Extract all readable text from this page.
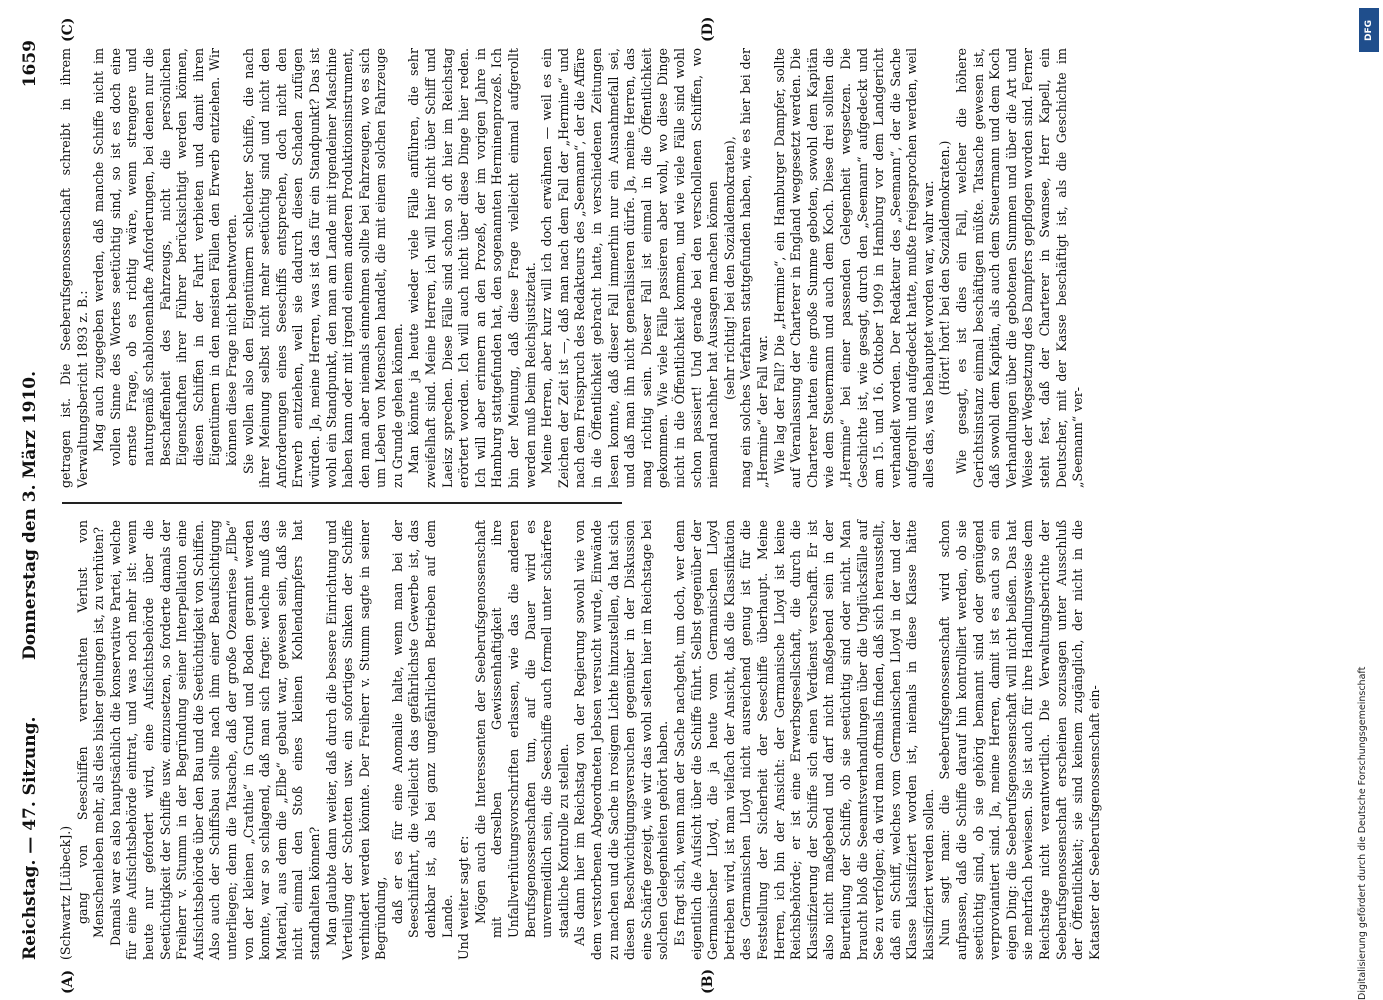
Reichstag. — 47. Sitzung.
Donnerstag den 3. März 1910.
1659
(A)	(B)
(C)	(D)

(Schwartz [Lübeck].) gang von Seeschiffen verursachten Verlust von Menschenleben mehr, als dies bisher gelungen ist, zu verhüten? Damals war es also hauptsächlich die konservative Partei, welche für eine Aufsichtsbehörde eintrat, und was noch mehr ist: wenn heute nur gefordert wird, eine Aufsichtsbehörde über die Seetüchtigkeit der Schiffe usw. einzusetzen, so forderte damals der Freiherr v. Stumm in der Begründung seiner Interpellation eine Aufsichtsbehörde über den Bau und die Seetüchtigkeit von Schiffen. Also auch der Schiffsbau sollte nach ihm einer Beaufsichtigung unterliegen; denn die Tatsache, daß der große Ozeanriese „Elbe“ von der kleinen „Crathie“ in Grund und Boden gerannt werden konnte, war so schlagend, daß man sich fragte: welche muß das Material, aus dem die „Elbe“ gebaut war, gewesen sein, daß sie nicht einmal den Stoß eines kleinen Kohlendampfers hat standhalten können? Man glaubte dann weiter, daß durch die bessere Einrichtung und Verteilung der Schotten usw. ein sofortiges Sinken der Schiffe verhindert werden könnte. Der Freiherr v. Stumm sagte in seiner Begründung, daß er es für eine Anomalie halte, wenn man bei der Seeschiffahrt, die vielleicht das gefährlichste Gewerbe ist, das denkbar ist, als bei ganz ungefährlichen Betrieben auf dem Lande. Und weiter sagt er: Mögen auch die Interessenten der Seeberufsgenossenschaft mit derselben Gewissenhaftigkeit ihre Unfallverhütungsvorschriften erlassen, wie das die anderen Berufsgenossenschaften tun, auf die Dauer wird es unvermeidlich sein, die Seeschiffe auch formell unter schärfere staatliche Kontrolle zu stellen. Als dann hier im Reichstag von der Regierung sowohl wie von dem verstorbenen Abgeordneten Jebsen versucht wurde, Einwände zu machen und die Sache in rosigem Lichte hinzustellen, da hat sich diesen Beschwichtigungsversuchen gegenüber in der Diskussion eine Schärfe gezeigt, wie wir das wohl selten hier im Reichstage bei solchen Gelegenheiten gehört haben. Es fragt sich, wenn man der Sache nachgeht, um doch, wer denn eigentlich die Aufsicht über die Schiffe führt. Selbst gegenüber der Germanischer Lloyd, die ja heute vom Germanischen Lloyd betrieben wird, ist man vielfach der Ansicht, daß die Klassifikation des Germanischen Lloyd nicht ausreichend genug ist für die Feststellung der Sicherheit der Seeschiffe überhaupt. Meine Herren, ich bin der Ansicht: der Germanische Lloyd ist keine Reichsbehörde; er ist eine Erwerbsgesellschaft, die durch die Klassifizierung der Schiffe sich einen Verdienst verschafft. Er ist also nicht maßgebend und darf nicht maßgebend sein in der Beurteilung der Schiffe, ob sie seetüchtig sind oder nicht. Man braucht bloß die Seeamtsverhandlungen über die Unglücksfälle auf See zu verfolgen; da wird man oftmals finden, daß sich herausstellt, daß ein Schiff, welches vom Germanischen Lloyd in der und der Klasse klassifiziert worden ist, niemals in diese Klasse hätte klassifiziert werden sollen. Nun sagt man: die Seeberufsgenossenschaft wird schon aufpassen, daß die Schiffe darauf hin kontrolliert werden, ob sie seetüchtig sind, ob sie gehörig bemannt sind oder genügend verproviantiert sind. Ja, meine Herren, damit ist es auch so ein eigen Ding: die Seeberufsgenossenschaft will nicht beißen. Das hat sie mehrfach bewiesen. Sie ist auch für ihre Handlungsweise dem Reichstage nicht verantwortlich. Die Verwaltungsberichte der Seeberufsgenossenschaft erscheinen sozusagen unter Ausschluß der Öffentlichkeit; sie sind keinem zugänglich, der nicht in die Kataster der Seeberufsgenossenschaft ein-

getragen ist. Die Seeberufsgenossenschaft schreibt in ihrem Verwaltungsbericht 1893 z. B.: Mag auch zugegeben werden, daß manche Schiffe nicht im vollen Sinne des Wortes seetüchtig sind, so ist es doch eine ernste Frage, ob es richtig wäre, wenn strengere und naturgemäß schablonenhafte Anforderungen, bei denen nur die Beschaffenheit des Fahrzeugs, nicht die persönlichen Eigenschaften ihrer Führer berücksichtigt werden können, diesen Schiffen in der Fahrt verbieten und damit ihren Eigentümern in den meisten Fällen den Erwerb entziehen. Wir können diese Frage nicht beantworten. Sie wollen also den Eigentümern schlechter Schiffe, die nach ihrer Meinung selbst nicht mehr seetüchtig sind und nicht den Anforderungen eines Seeschiffs entsprechen, doch nicht den Erwerb entziehen, weil sie dadurch diesen Schaden zufügen würden. Ja, meine Herren, was ist das für ein Standpunkt? Das ist wohl ein Standpunkt, den man am Lande mit irgendeiner Maschine haben kann oder mit irgend einem anderen Produktionsinstrument, den man aber niemals einnehmen sollte bei Fahrzeugen, wo es sich um Leben von Menschen handelt, die mit einem solchen Fahrzeuge zu Grunde gehen können. Man könnte ja heute wieder viele Fälle anführen, die sehr zweifelhaft sind. Meine Herren, ich will hier nicht über Schiff und Laeisz sprechen. Diese Fälle sind schon so oft hier im Reichstag erörtert worden. Ich will auch nicht über diese Dinge hier reden. Ich will aber erinnern an den Prozeß, der im vorigen Jahre in Hamburg stattgefunden hat, den sogenannten Herminenprozeß. Ich bin der Meinung, daß diese Frage vielleicht einmal aufgerollt werden muß beim Reichsjustizetat. Meine Herren, aber kurz will ich doch erwähnen — weil es ein Zeichen der Zeit ist —, daß man nach dem Fall der „Hermine“ und nach dem Freispruch des Redakteurs des „Seemann“, der die Affäre in die Öffentlichkeit gebracht hatte, in verschiedenen Zeitungen lesen konnte, daß dieser Fall immerhin nur ein Ausnahmefall sei, und daß man ihn nicht generalisieren dürfe. Ja, meine Herren, das mag richtig sein. Dieser Fall ist einmal in die Öffentlichkeit gekommen. Wie viele Fälle passieren aber wohl, wo diese Dinge nicht in die Öffentlichkeit kommen, und wie viele Fälle sind wohl schon passiert! Und gerade bei den verschollenen Schiffen, wo niemand nachher hat Aussagen machen können (sehr richtig! bei den Sozialdemokraten), mag ein solches Verfahren stattgefunden haben, wie es hier bei der „Hermine“ der Fall war. Wie lag der Fall? Die „Hermine“, ein Hamburger Dampfer, sollte auf Veranlassung der Charterer in England weggesetzt werden. Die Charterer hatten eine große Summe geboten, sowohl dem Kapitän wie dem Steuermann und auch dem Koch. Diese drei sollten die „Hermine“ bei einer passenden Gelegenheit wegsetzen. Die Geschichte ist, wie gesagt, durch den „Seemann“ aufgedeckt und am 15. und 16. Oktober 1909 in Hamburg vor dem Landgericht verhandelt worden. Der Redakteur des „Seemann“, der die Sache aufgerollt und aufgedeckt hatte, mußte freigesprochen werden, weil alles das, was behauptet worden war, wahr war. (Hört! hört! bei den Sozialdemokraten.) Wie gesagt, es ist dies ein Fall, welcher die höhere Gerichtsinstanz einmal beschäftigen müßte. Tatsache gewesen ist, daß sowohl dem Kapitän, als auch dem Steuermann und dem Koch Verhandlungen über die gebotenen Summen und über die Art und Weise der Wegsetzung des Dampfers gepflogen worden sind. Ferner steht fest, daß der Charterer in Swansee, Herr Kapell, ein Deutscher, mit der Kasse beschäftigt ist, als die Geschichte im „Seemann“ ver-

Digitalisierung gefördert durch die Deutsche Forschungsgemeinschaft
DFG
